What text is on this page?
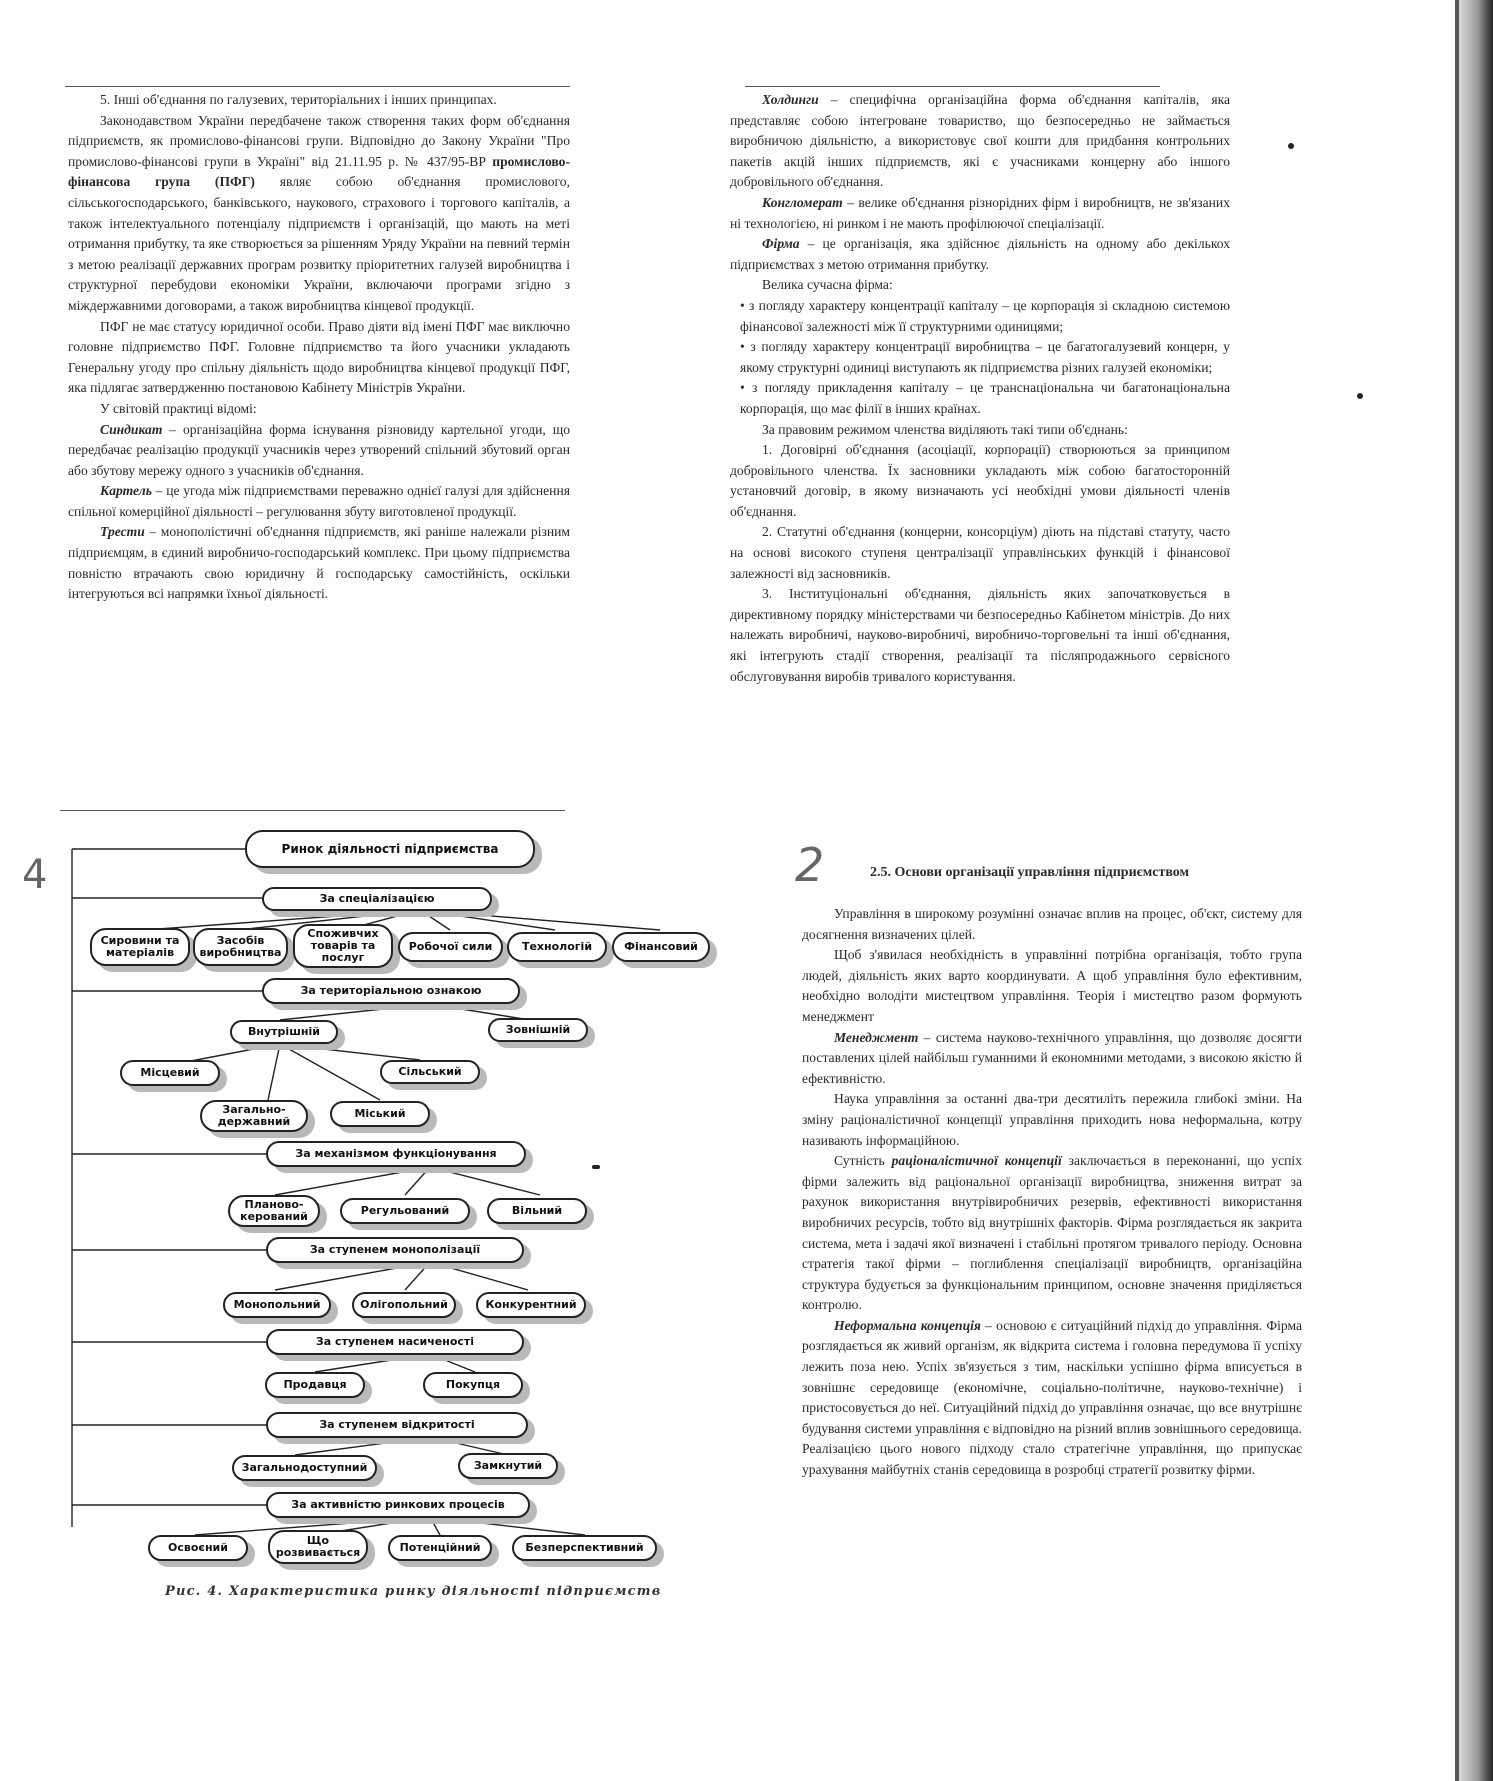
5. Інші об'єднання по галузевих, територіальних і інших принципах.

Законодавством України передбачене також створення таких форм об'єднання підприємств, як промислово-фінансові групи. Відповідно до Закону України "Про промислово-фінансові групи в Україні" від 21.11.95 р. № 437/95-ВР промислово-фінансова група (ПФГ) являє собою об'єднання промислового, сільськогосподарського, банківського, наукового, страхового і торгового капіталів, а також інтелектуального потенціалу підприємств і організацій, що мають на меті отримання прибутку, та яке створюється за рішенням Уряду України на певний термін з метою реалізації державних програм розвитку пріоритетних галузей виробництва і структурної перебудови економіки України, включаючи програми згідно з міждержавними договорами, а також виробництва кінцевої продукції.

ПФГ не має статусу юридичної особи. Право діяти від імені ПФГ має виключно головне підприємство ПФГ. Головне підприємство та його учасники укладають Генеральну угоду про спільну діяльність щодо виробництва кінцевої продукції ПФГ, яка підлягає затвердженню постановою Кабінету Міністрів України.

У світовій практиці відомі:

Синдикат – організаційна форма існування різновиду картельної угоди, що передбачає реалізацію продукції учасників через утворений спільний збутовий орган або збутову мережу одного з учасників об'єднання.

Картель – це угода між підприємствами переважно однієї галузі для здійснення спільної комерційної діяльності – регулювання збуту виготовленої продукції.

Трести – монополістичні об'єднання підприємств, які раніше належали різним підприємцям, в єдиний виробничо-господарський комплекс. При цьому підприємства повністю втрачають свою юридичну й господарську самостійність, оскільки інтегруються всі напрямки їхньої діяльності.

Холдинги – специфічна організаційна форма об'єднання капіталів, яка представляє собою інтегроване товариство, що безпосередньо не займається виробничою діяльністю, а використовує свої кошти для придбання контрольних пакетів акцій інших підприємств, які є учасниками концерну або іншого добровільного об'єднання.

Конгломерат – велике об'єднання різнорідних фірм і виробництв, не зв'язаних ні технологією, ні ринком і не мають профілюючої спеціалізації.

Фірма – це організація, яка здійснює діяльність на одному або декількох підприємствах з метою отримання прибутку.

Велика сучасна фірма:

• з погляду характеру концентрації капіталу – це корпорація зі складною системою фінансової залежності між її структурними одиницями;

• з погляду характеру концентрації виробництва – це багатогалузевий концерн, у якому структурні одиниці виступають як підприємства різних галузей економіки;

• з погляду прикладення капіталу – це транснаціональна чи багатонаціональна корпорація, що має філії в інших країнах.

За правовим режимом членства виділяють такі типи об'єднань:

1. Договірні об'єднання (асоціації, корпорації) створюються за принципом добровільного членства. Їх засновники укладають між собою багатосторонній установчий договір, в якому визначають усі необхідні умови діяльності членів об'єднання.

2. Статутні об'єднання (концерни, консорціум) діють на підставі статуту, часто на основі високого ступеня централізації управлінських функцій і фінансової залежності від засновників.

3. Інституціональні об'єднання, діяльність яких започатковується в директивному порядку міністерствами чи безпосередньо Кабінетом міністрів. До них належать виробничі, науково-виробничі, виробничо-торговельні та інші об'єднання, які інтегрують стадії створення, реалізації та післяпродажнього сервісного обслуговування виробів тривалого користування.

2	2.5. Основи організації управління підприємством

Управління в широкому розумінні означає вплив на процес, об'єкт, систему для досягнення визначених цілей.

Щоб з'явилася необхідність в управлінні потрібна організація, тобто група людей, діяльність яких варто координувати. А щоб управління було ефективним, необхідно володіти мистецтвом управління. Теорія і мистецтво разом формують менеджмент

Менеджмент – система науково-технічного управління, що дозволяє досягти поставлених цілей найбільш гуманними й економними методами, з високою якістю й ефективністю.

Наука управління за останні два-три десятиліть пережила глибокі зміни. На зміну раціоналістичної концепції управління приходить нова неформальна, котру називають інформаційною.

Сутність раціоналістичної концепції заключається в переконанні, що успіх фірми залежить від раціональної організації виробництва, зниження витрат за рахунок використання внутрівиробничих резервів, ефективності використання виробничих ресурсів, тобто від внутрішніх факторів. Фірма розглядається як закрита система, мета і задачі якої визначені і стабільні протягом тривалого періоду. Основна стратегія такої фірми – поглиблення спеціалізації виробництв, організаційна структура будується за функціональним принципом, основне значення приділяється контролю.

Неформальна концепція – основою є ситуаційний підхід до управління. Фірма розглядається як живий організм, як відкрита система і головна передумова її успіху лежить поза нею. Успіх зв'язується з тим, наскільки успішно фірма вписується в зовнішнє середовище (економічне, соціально-політичне, науково-технічне) і пристосовується до неї. Ситуаційний підхід до управління означає, що все внутрішнє будування системи управління є відповідно на різний вплив зовнішнього середовища. Реалізацією цього нового підходу стало стратегічне управління, що припускає урахування майбутніх станів середовища в розробці стратегії розвитку фірми.

4
Ринок діяльності підприємства
За спеціалізацією
Сировини та матеріалів
Засобів виробництва
Споживчих товарів та послуг
Робочої сили	Технологій	Фінансовий
За територіальною ознакою
Внутрішній	Зовнішній
Місцевий	Сільський
Загально-державний
Міський
За механізмом функціонування
Планово-керований	Регульований	Вільний
За ступенем монополізації
Монопольний	Олігопольний	Конкурентний
За ступенем насиченості
Продавця	Покупця
За ступенем відкритості
Загальнодоступний	Замкнутий
За активністю ринкових процесів
Освоєний
Що розвивається	Потенційний	Безперспективний
Рис. 4. Характеристика ринку діяльності підприємств
